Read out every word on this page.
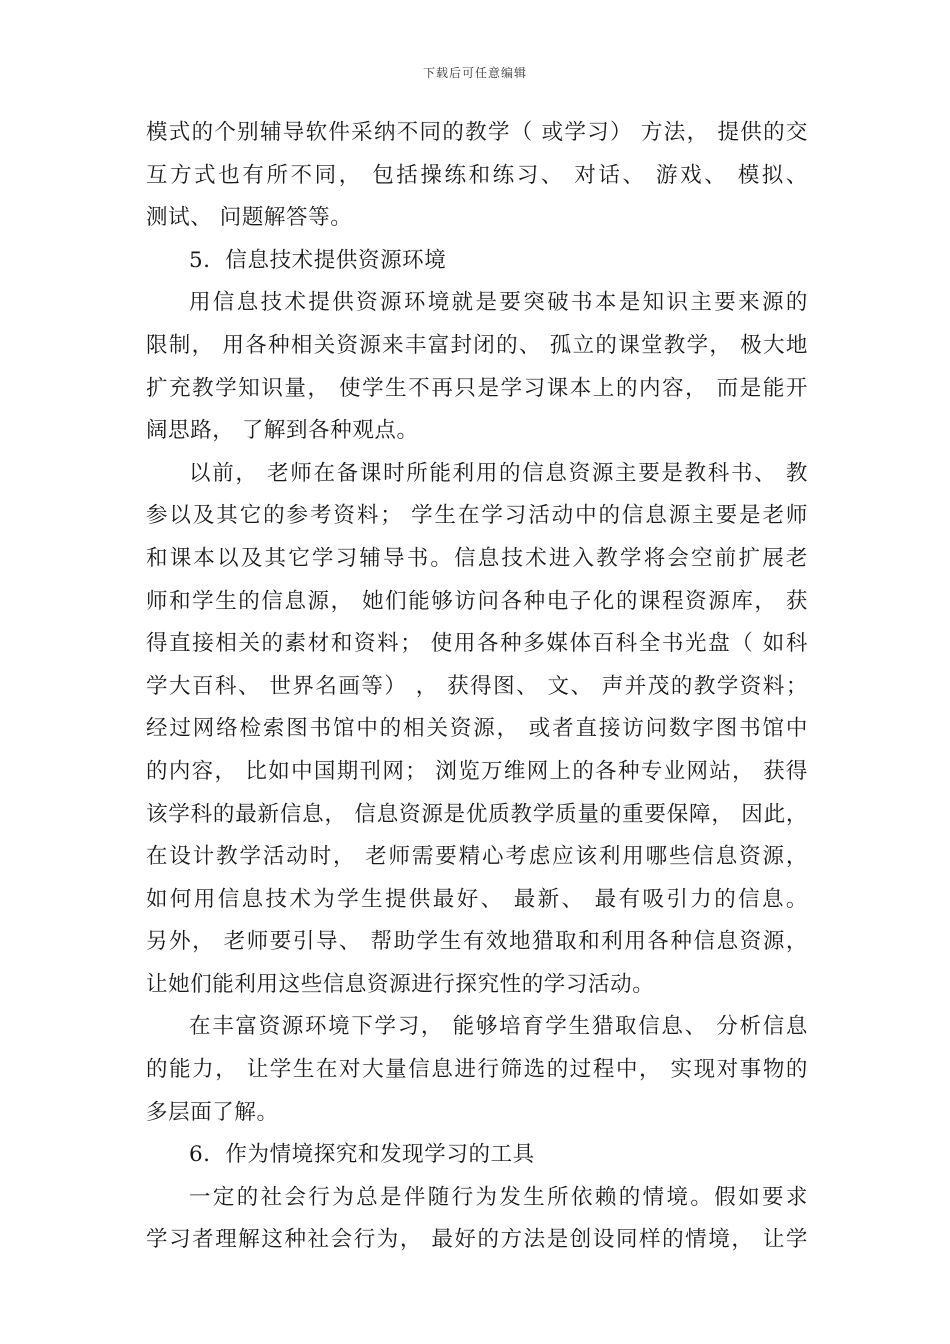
下载后可任意编辑
模式的个别辅导软件采纳不同的教学（ 或学习） 方法， 提供的交
互方式也有所不同， 包括操练和练习、 对话、 游戏、 模拟、
测试、 问题解答等。
5．信息技术提供资源环境
用信息技术提供资源环境就是要突破书本是知识主要来源的
限制， 用各种相关资源来丰富封闭的、 孤立的课堂教学， 极大地
扩充教学知识量， 使学生不再只是学习课本上的内容， 而是能开
阔思路， 了解到各种观点。
以前， 老师在备课时所能利用的信息资源主要是教科书、 教
参以及其它的参考资料； 学生在学习活动中的信息源主要是老师
和课本以及其它学习辅导书。信息技术进入教学将会空前扩展老
师和学生的信息源， 她们能够访问各种电子化的课程资源库， 获
得直接相关的素材和资料； 使用各种多媒体百科全书光盘（ 如科
学大百科、 世界名画等） ， 获得图、 文、 声并茂的教学资料；
经过网络检索图书馆中的相关资源， 或者直接访问数字图书馆中
的内容， 比如中国期刊网； 浏览万维网上的各种专业网站， 获得
该学科的最新信息， 信息资源是优质教学质量的重要保障， 因此，
在设计教学活动时， 老师需要精心考虑应该利用哪些信息资源，
如何用信息技术为学生提供最好、 最新、 最有吸引力的信息。
另外， 老师要引导、 帮助学生有效地猎取和利用各种信息资源，
让她们能利用这些信息资源进行探究性的学习活动。
在丰富资源环境下学习， 能够培育学生猎取信息、 分析信息
的能力， 让学生在对大量信息进行筛选的过程中， 实现对事物的
多层面了解。
6．作为情境探究和发现学习的工具
一定的社会行为总是伴随行为发生所依赖的情境。假如要求
学习者理解这种社会行为， 最好的方法是创设同样的情境， 让学
